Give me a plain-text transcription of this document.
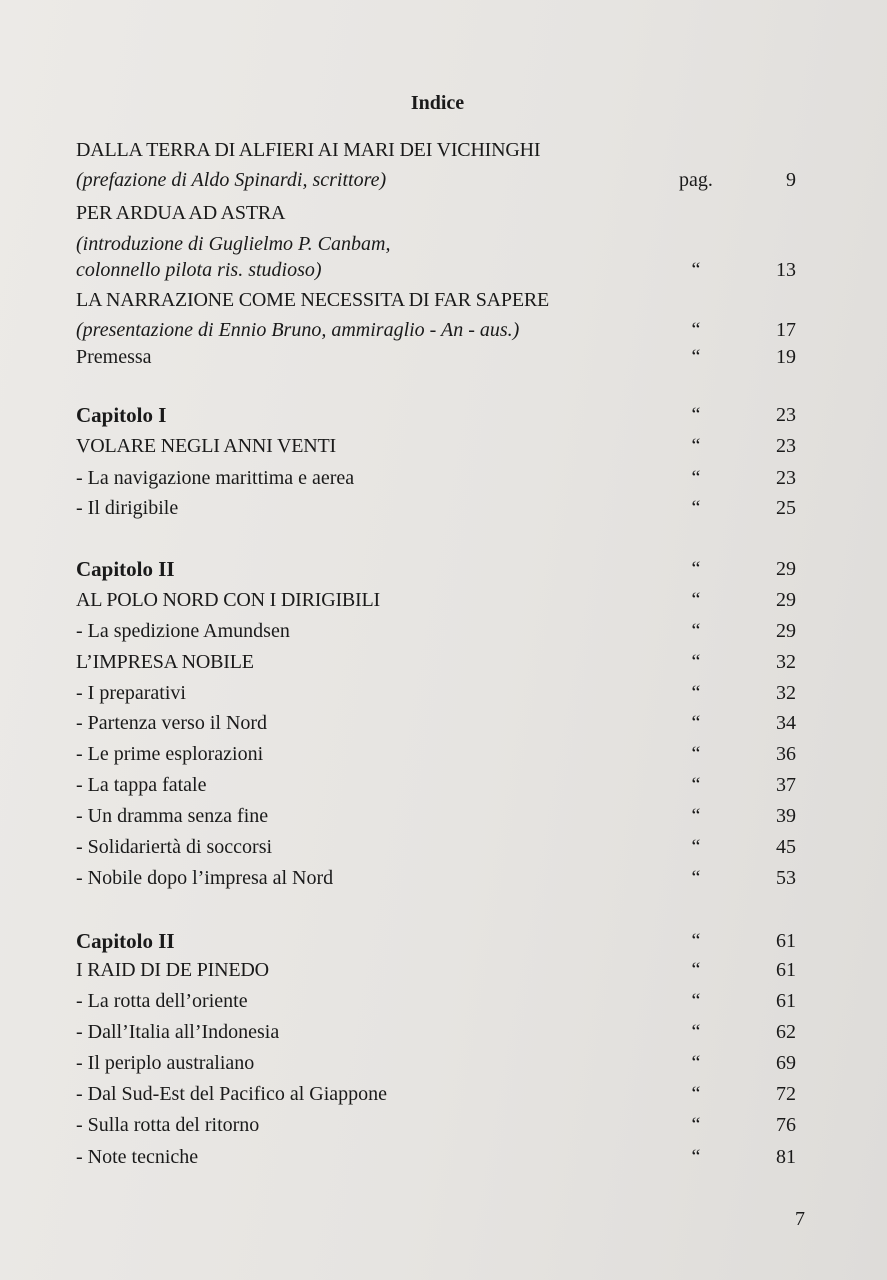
Indice
DALLA TERRA DI ALFIERI AI MARI DEI VICHINGHI
(prefazione di Aldo Spinardi, scrittore)	pag.	9
PER ARDUA AD ASTRA
(introduzione di Guglielmo P. Canbam,
colonnello pilota ris. studioso)	“	13
LA NARRAZIONE COME NECESSITA DI FAR SAPERE
(presentazione di Ennio Bruno, ammiraglio - An - aus.)	“	17
Premessa	“	19
Capitolo I	“	23
VOLARE NEGLI ANNI VENTI	“	23
- La navigazione marittima e aerea	“	23
- Il dirigibile	“	25
Capitolo II	“	29
AL POLO NORD CON I DIRIGIBILI	“	29
- La spedizione Amundsen	“	29
L’IMPRESA NOBILE	“	32
- I preparativi	“	32
- Partenza verso il Nord	“	34
- Le prime esplorazioni	“	36
- La tappa fatale	“	37
- Un dramma senza fine	“	39
- Solidariertà di soccorsi	“	45
- Nobile dopo l’impresa al Nord	“	53
Capitolo II	“	61
I RAID DI DE PINEDO	“	61
- La rotta dell’oriente	“	61
- Dall’Italia all’Indonesia	“	62
- Il periplo australiano	“	69
- Dal Sud-Est del Pacifico al Giappone	“	72
- Sulla rotta del ritorno	“	76
- Note tecniche	“	81
7
